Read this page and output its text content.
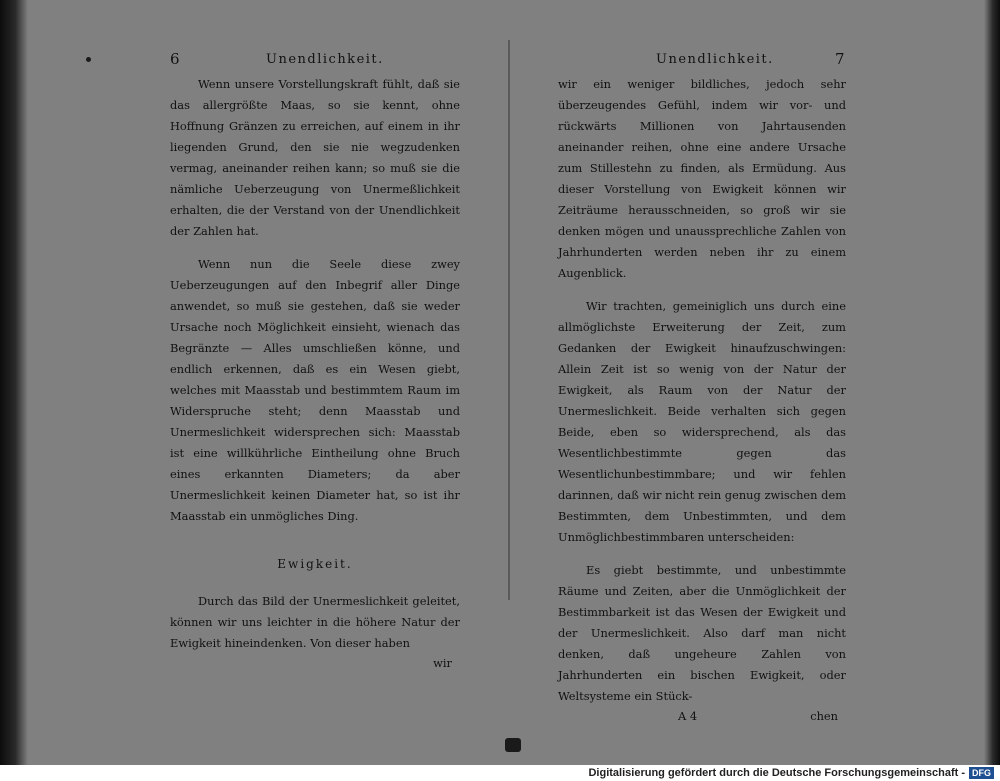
6	Unendlichkeit.

Wenn unsere Vorstellungskraft fühlt, daß sie das allergrößte Maas, so sie kennt, ohne Hoffnung Gränzen zu erreichen, auf einem in ihr liegenden Grund, den sie nie wegzudenken vermag, aneinander reihen kann; so muß sie die nämliche Ueberzeugung von Unermeßlichkeit erhalten, die der Verstand von der Unendlichkeit der Zahlen hat.

Wenn nun die Seele diese zwey Ueberzeugungen auf den Inbegrif aller Dinge anwendet, so muß sie gestehen, daß sie weder Ursache noch Möglichkeit einsieht, wienach das Begränzte — Alles umschließen könne, und endlich erkennen, daß es ein Wesen giebt, welches mit Maasstab und bestimmtem Raum im Widerspruche steht; denn Maasstab und Unermeslichkeit widersprechen sich: Maasstab ist eine willkührliche Eintheilung ohne Bruch eines erkannten Diameters; da aber Unermeslichkeit keinen Diameter hat, so ist ihr Maasstab ein unmögliches Ding.

Ewigkeit.

Durch das Bild der Unermeslichkeit geleitet, können wir uns leichter in die höhere Natur der Ewigkeit hineindenken. Von dieser haben

wir
Unendlichkeit.	7

wir ein weniger bildliches, jedoch sehr überzeugendes Gefühl, indem wir vor- und rückwärts Millionen von Jahrtausenden aneinander reihen, ohne eine andere Ursache zum Stillestehn zu finden, als Ermüdung. Aus dieser Vorstellung von Ewigkeit können wir Zeiträume herausschneiden, so groß wir sie denken mögen und unaussprechliche Zahlen von Jahrhunderten werden neben ihr zu einem Augenblick.

Wir trachten, gemeiniglich uns durch eine allmöglichste Erweiterung der Zeit, zum Gedanken der Ewigkeit hinaufzuschwingen: Allein Zeit ist so wenig von der Natur der Ewigkeit, als Raum von der Natur der Unermeslichkeit. Beide verhalten sich gegen Beide, eben so widersprechend, als das Wesentlichbestimmte gegen das Wesentlichunbestimmbare; und wir fehlen darinnen, daß wir nicht rein genug zwischen dem Bestimmten, dem Unbestimmten, und dem Unmöglichbestimmbaren unterscheiden:

Es giebt bestimmte, und unbestimmte Räume und Zeiten, aber die Unmöglichkeit der Bestimmbarkeit ist das Wesen der Ewigkeit und der Unermeslichkeit. Also darf man nicht denken, daß ungeheure Zahlen von Jahrhunderten ein bischen Ewigkeit, oder Weltsysteme ein Stück-

A 4	chen
Digitalisierung gefördert durch die Deutsche Forschungsgemeinschaft - DFG
